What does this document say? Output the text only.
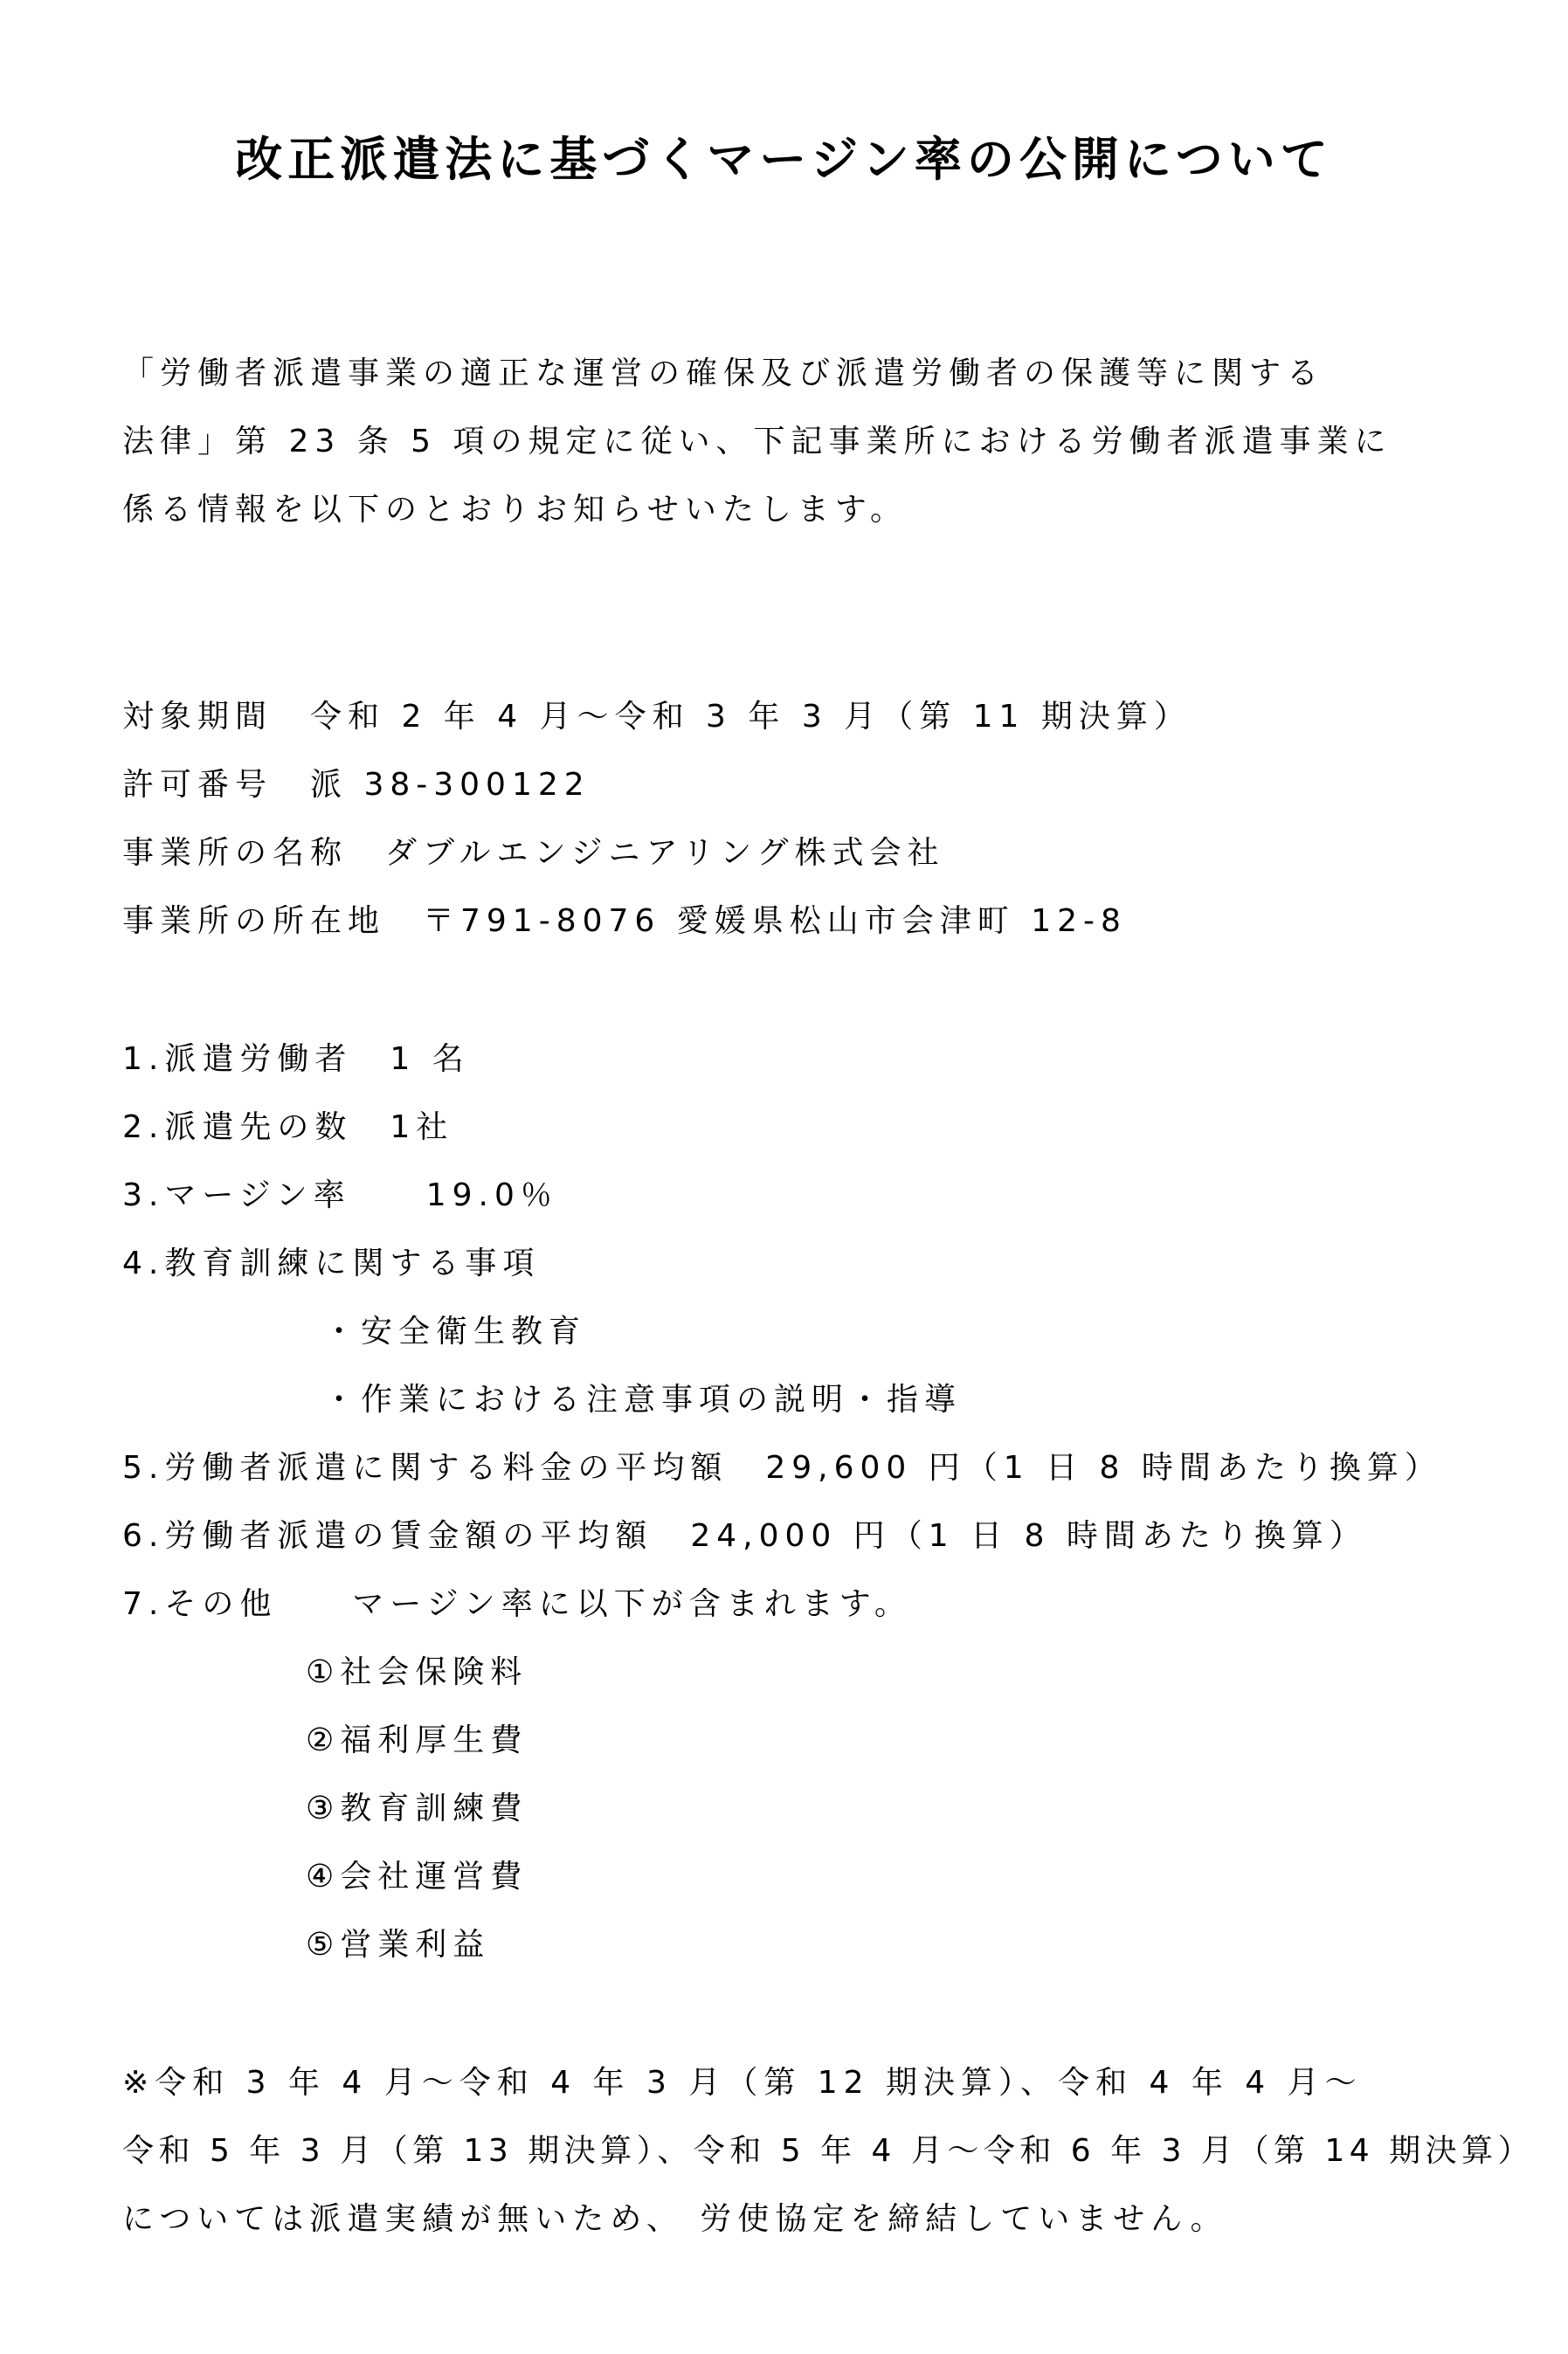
改正派遣法に基づくマージン率の公開について
「労働者派遣事業の適正な運営の確保及び派遣労働者の保護等に関する
法律」第 23 条 5 項の規定に従い、下記事業所における労働者派遣事業に
係る情報を以下のとおりお知らせいたします。
対象期間　令和 2 年 4 月～令和 3 年 3 月（第 11 期決算）
許可番号　派 38-300122
事業所の名称　ダブルエンジニアリング株式会社
事業所の所在地　〒791-8076 愛媛県松山市会津町 12-8
1.派遣労働者　1 名
2.派遣先の数　1社
3.マージン率　　19.0％
4.教育訓練に関する事項
・安全衛生教育
・作業における注意事項の説明・指導
5.労働者派遣に関する料金の平均額　29,600 円（1 日 8 時間あたり換算）
6.労働者派遣の賃金額の平均額　24,000 円（1 日 8 時間あたり換算）
7.その他　　マージン率に以下が含まれます。
①社会保険料
②福利厚生費
③教育訓練費
④会社運営費
⑤営業利益
※令和 3 年 4 月～令和 4 年 3 月（第 12 期決算）、令和 4 年 4 月～
令和 5 年 3 月（第 13 期決算）、令和 5 年 4 月～令和 6 年 3 月（第 14 期決算）
については派遣実績が無いため、 労使協定を締結していません。
